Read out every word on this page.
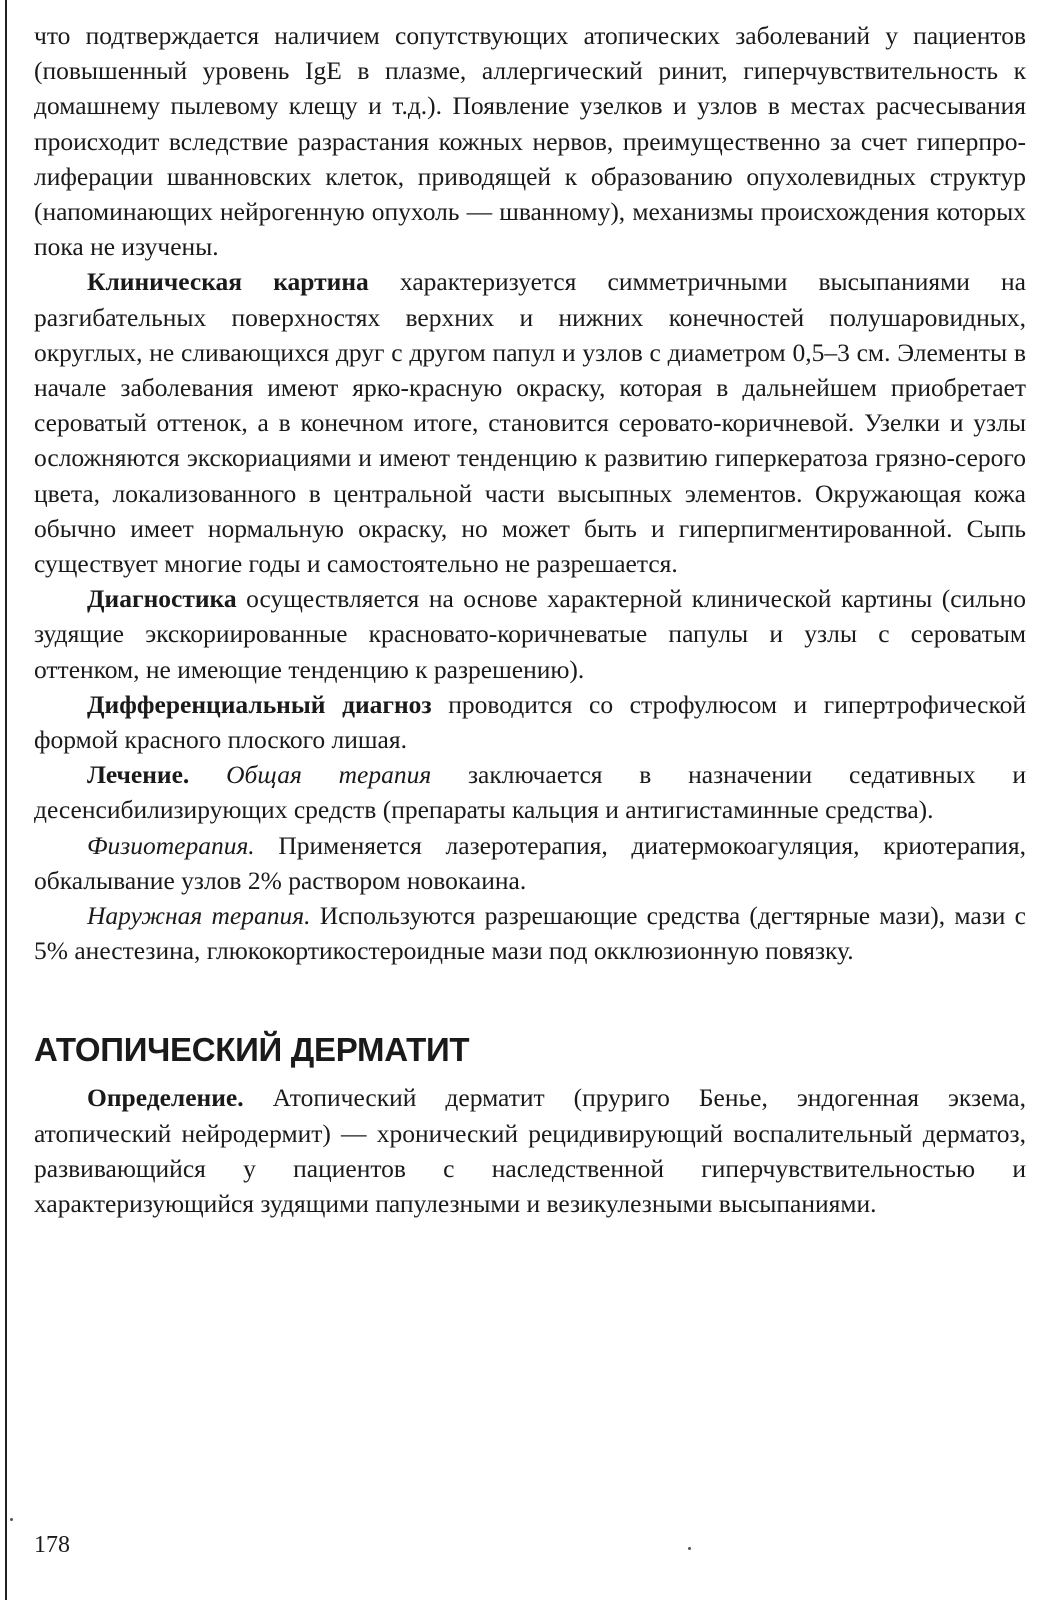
что подтверждается наличием сопутствующих атопических заболеваний у пациентов (повышенный уровень IgE в плазме, аллергический ринит, гиперчувствительность к домашнему пылевому клещу и т.д.). Появление узелков и узлов в местах расчесывания происходит вследствие разрастания кожных нервов, преимущественно за счет гиперпролиферации шванновских клеток, приводящей к образованию опухолевидных структур (напоминающих нейрогенную опухоль — шванному), механизмы происхождения которых пока не изучены.

Клиническая картина характеризуется симметричными высыпаниями на разгибательных поверхностях верхних и нижних конечностей полушаровидных, округлых, не сливающихся друг с другом папул и узлов с диаметром 0,5–3 см. Элементы в начале заболевания имеют ярко-красную окраску, которая в дальнейшем приобретает сероватый оттенок, а в конечном итоге, становится серовато-коричневой. Узелки и узлы осложняются экскориациями и имеют тенденцию к развитию гиперкератоза грязно-серого цвета, локализованного в центральной части высыпных элементов. Окружающая кожа обычно имеет нормальную окраску, но может быть и гиперпигментированной. Сыпь существует многие годы и самостоятельно не разрешается.

Диагностика осуществляется на основе характерной клинической картины (сильно зудящие экскориированные красновато-коричневатые папулы и узлы с сероватым оттенком, не имеющие тенденцию к разрешению).

Дифференциальный диагноз проводится со строфулюсом и гипертрофической формой красного плоского лишая.

Лечение. Общая терапия заключается в назначении седативных и десенсибилизирующих средств (препараты кальция и антигистаминные средства).

Физиотерапия. Применяется лазеротерапия, диатермокоагуляция, криотерапия, обкалывание узлов 2% раствором новокаина.

Наружная терапия. Используются разрешающие средства (дегтярные мази), мази с 5% анестезина, глюкокортикостероидные мази под окклюзионную повязку.

АТОПИЧЕСКИЙ ДЕРМАТИТ

Определение. Атопический дерматит (пруриго Бенье, эндогенная экзема, атопический нейродермит) — хронический рецидивирующий воспалительный дерматоз, развивающийся у пациентов с наследственной гиперчувствительностью и характеризующийся зудящими папулезными и везикулезными высыпаниями.

178
